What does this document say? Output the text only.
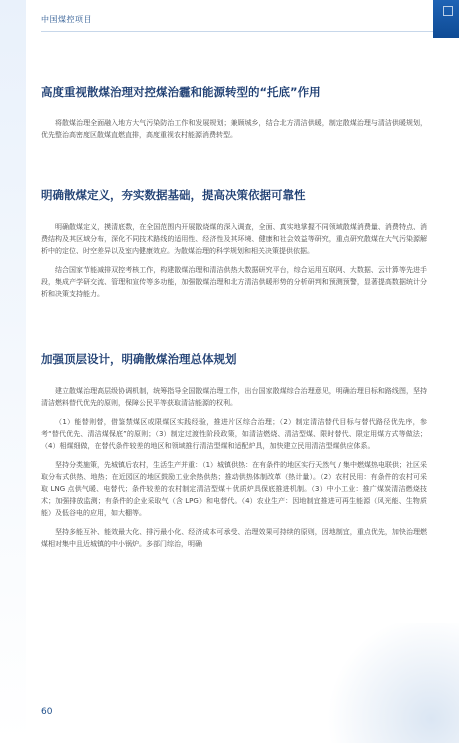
中国煤控项目
高度重视散煤治理对控煤治霾和能源转型的“托底”作用

将散煤治理全面融入地方大气污染防治工作和发展规划；兼顾城乡，结合北方清洁供暖，制定散煤治理与清洁供暖规划，优先整治高密度区散煤直燃直排，高度重视农村能源消费转型。

明确散煤定义，夯实数据基础，提高决策依据可靠性

明确散煤定义，摸清底数，在全国范围内开展散烧煤的深入调查，全面、真实地掌握不同领域散煤消费量、消费特点、消费结构及其区域分布，深化不同技术路线的适用性、经济性及其环境、健康和社会效益等研究，重点研究散煤在大气污染源解析中的定位、时空差异以及室内健康效应。为散煤治理的科学规划和相关决策提供依据。

结合国家节能减排双控考核工作，构建散煤治理和清洁供热大数据研究平台，综合运用互联网、大数据、云计算等先进手段，集成产学研交流、管理和宣传等多功能，加强散煤治理和北方清洁供暖形势的分析研判和预测预警，显著提高数据统计分析和决策支持能力。

加强顶层设计，明确散煤治理总体规划

建立散煤治理高层级协调机制，统筹指导全国散煤治理工作，出台国家散煤综合治理意见，明确治理目标和路线图，坚持清洁燃料替代优先的原则，保障公民平等获取清洁能源的权利。

（1）能替则替，借鉴禁煤区或限煤区实践经验，推进片区综合治理；（2）制定清洁替代目标与替代路径优先序，参考“替代优先、清洁煤保底”的原则；（3）制定过渡性阶段政策，如清洁燃烧、清洁型煤、限时替代、限定用煤方式等做法；（4）相煤细做，在替代条件较差的地区和领域推行清洁型煤和适配炉具，加快建立民用清洁型煤供应体系。

坚持分类施策，先城镇后农村，生活生产并重：（1）城镇供热：在有条件的地区实行天然气 / 集中燃煤热电联供；社区采取分布式供热、地热；在近园区的地区鼓励工业余热供热；推动供热体制改革（热计量）。（2）农村民用：有条件的农村可采取 LNG 点供气暖、电替代；条件较差的农村制定清洁型煤＋优质炉具保底推进机制。（3）中小工业：推广煤炭清洁燃烧技术；加强排放监测；有条件的企业采取气（含 LPG）和电替代。（4）农业生产：因地制宜推进可再生能源（风光能、生物质能）及低谷电的应用，如大棚等。

坚持多能互补、能效最大化、排污最小化、经济成本可承受、治理效果可持续的原则，因地制宜，重点优先，加快治理燃煤相对集中且近城镇的中小锅炉。多部门综治，明确

60
